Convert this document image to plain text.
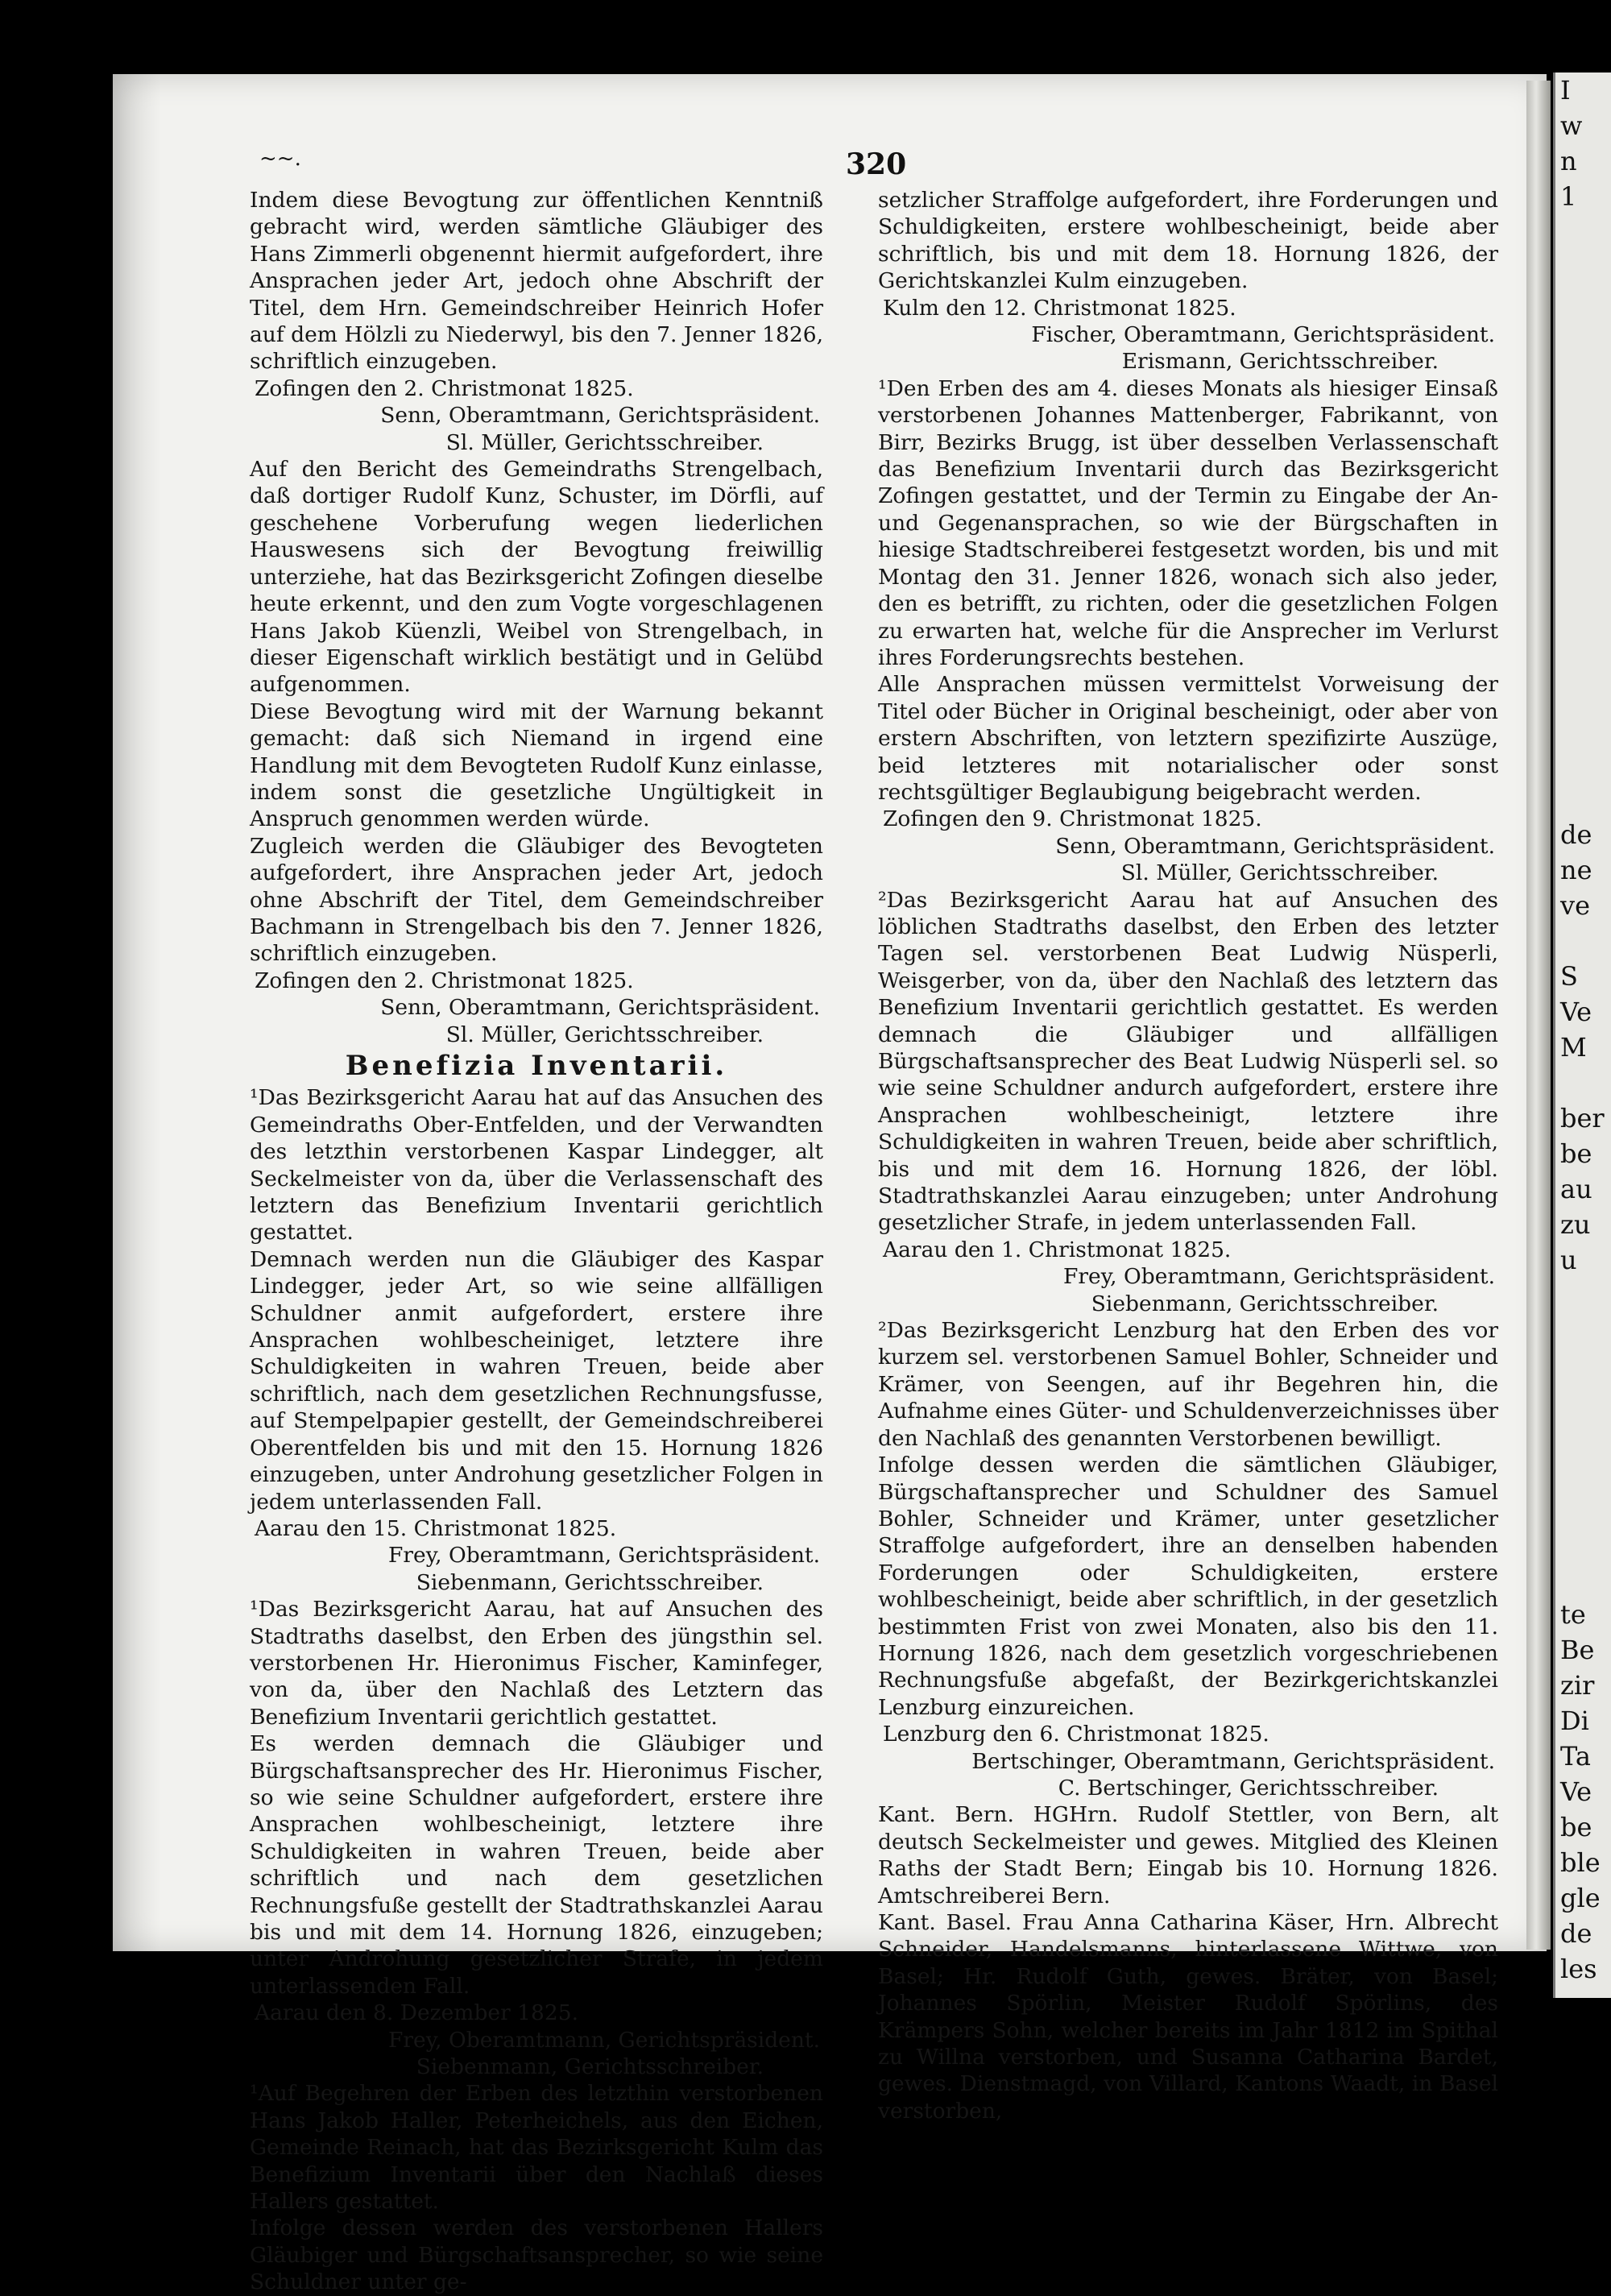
I
w
n
1

de
ne
ve

S
Ve
M

ber
be
au
zu
u

te
Be
zir
Di
Ta
Ve
be
ble
gle
de
les
~~.	320

Indem diese Bevogtung zur öffentlichen Kenntniß gebracht wird, werden sämtliche Gläubiger des Hans Zimmerli obgenennt hiermit aufgefordert, ihre Ansprachen jeder Art, jedoch ohne Abschrift der Titel, dem Hrn. Gemeindschreiber Heinrich Hofer auf dem Hölzli zu Niederwyl, bis den 7. Jenner 1826, schriftlich einzugeben.

Zofingen den 2. Christmonat 1825.

Senn, Oberamtmann, Gerichtspräsident.

Sl. Müller, Gerichtsschreiber.

Auf den Bericht des Gemeindraths Strengelbach, daß dortiger Rudolf Kunz, Schuster, im Dörfli, auf geschehene Vorberufung wegen liederlichen Hauswesens sich der Bevogtung freiwillig unterziehe, hat das Bezirksgericht Zofingen dieselbe heute erkennt, und den zum Vogte vorgeschlagenen Hans Jakob Küenzli, Weibel von Strengelbach, in dieser Eigenschaft wirklich bestätigt und in Gelübd aufgenommen.

Diese Bevogtung wird mit der Warnung bekannt gemacht: daß sich Niemand in irgend eine Handlung mit dem Bevogteten Rudolf Kunz einlasse, indem sonst die gesetzliche Ungültigkeit in Anspruch genommen werden würde.

Zugleich werden die Gläubiger des Bevogteten aufgefordert, ihre Ansprachen jeder Art, jedoch ohne Abschrift der Titel, dem Gemeindschreiber Bachmann in Strengelbach bis den 7. Jenner 1826, schriftlich einzugeben.

Zofingen den 2. Christmonat 1825.

Senn, Oberamtmann, Gerichtspräsident.

Sl. Müller, Gerichtsschreiber.

Benefizia Inventarii.

¹Das Bezirksgericht Aarau hat auf das Ansuchen des Gemeindraths Ober-Entfelden, und der Verwandten des letzthin verstorbenen Kaspar Lindegger, alt Seckelmeister von da, über die Verlassenschaft des letztern das Benefizium Inventarii gerichtlich gestattet.

Demnach werden nun die Gläubiger des Kaspar Lindegger, jeder Art, so wie seine allfälligen Schuldner anmit aufgefordert, erstere ihre Ansprachen wohlbescheiniget, letztere ihre Schuldigkeiten in wahren Treuen, beide aber schriftlich, nach dem gesetzlichen Rechnungsfusse, auf Stempelpapier gestellt, der Gemeindschreiberei Oberentfelden bis und mit den 15. Hornung 1826 einzugeben, unter Androhung gesetzlicher Folgen in jedem unterlassenden Fall.

Aarau den 15. Christmonat 1825.

Frey, Oberamtmann, Gerichtspräsident.

Siebenmann, Gerichtsschreiber.

¹Das Bezirksgericht Aarau, hat auf Ansuchen des Stadtraths daselbst, den Erben des jüngsthin sel. verstorbenen Hr. Hieronimus Fischer, Kaminfeger, von da, über den Nachlaß des Letztern das Benefizium Inventarii gerichtlich gestattet.

Es werden demnach die Gläubiger und Bürgschaftsansprecher des Hr. Hieronimus Fischer, so wie seine Schuldner aufgefordert, erstere ihre Ansprachen wohlbescheinigt, letztere ihre Schuldigkeiten in wahren Treuen, beide aber schriftlich und nach dem gesetzlichen Rechnungsfuße gestellt der Stadtrathskanzlei Aarau bis und mit dem 14. Hornung 1826, einzugeben; unter Androhung gesetzlicher Strafe, in jedem unterlassenden Fall.

Aarau den 8. Dezember 1825.

Frey, Oberamtmann, Gerichtspräsident.

Siebenmann, Gerichtsschreiber.

¹Auf Begehren der Erben des letzthin verstorbenen Hans Jakob Haller, Peterheichels, aus den Eichen, Gemeinde Reinach, hat das Bezirksgericht Kulm das Benefizium Inventarii über den Nachlaß dieses Hallers gestattet.

Infolge dessen werden des verstorbenen Hallers Gläubiger und Bürgschaftsansprecher, so wie seine Schuldner unter ge-

setzlicher Straffolge aufgefordert, ihre Forderungen und Schuldigkeiten, erstere wohlbescheinigt, beide aber schriftlich, bis und mit dem 18. Hornung 1826, der Gerichtskanzlei Kulm einzugeben.

Kulm den 12. Christmonat 1825.

Fischer, Oberamtmann, Gerichtspräsident.

Erismann, Gerichtsschreiber.

¹Den Erben des am 4. dieses Monats als hiesiger Einsaß verstorbenen Johannes Mattenberger, Fabrikannt, von Birr, Bezirks Brugg, ist über desselben Verlassenschaft das Benefizium Inventarii durch das Bezirksgericht Zofingen gestattet, und der Termin zu Eingabe der An- und Gegenansprachen, so wie der Bürgschaften in hiesige Stadtschreiberei festgesetzt worden, bis und mit Montag den 31. Jenner 1826, wonach sich also jeder, den es betrifft, zu richten, oder die gesetzlichen Folgen zu erwarten hat, welche für die Ansprecher im Verlurst ihres Forderungsrechts bestehen.

Alle Ansprachen müssen vermittelst Vorweisung der Titel oder Bücher in Original bescheinigt, oder aber von erstern Abschriften, von letztern spezifizirte Auszüge, beid letzteres mit notarialischer oder sonst rechtsgültiger Beglaubigung beigebracht werden.

Zofingen den 9. Christmonat 1825.

Senn, Oberamtmann, Gerichtspräsident.

Sl. Müller, Gerichtsschreiber.

²Das Bezirksgericht Aarau hat auf Ansuchen des löblichen Stadtraths daselbst, den Erben des letzter Tagen sel. verstorbenen Beat Ludwig Nüsperli, Weisgerber, von da, über den Nachlaß des letztern das Benefizium Inventarii gerichtlich gestattet. Es werden demnach die Gläubiger und allfälligen Bürgschaftsansprecher des Beat Ludwig Nüsperli sel. so wie seine Schuldner andurch aufgefordert, erstere ihre Ansprachen wohlbescheinigt, letztere ihre Schuldigkeiten in wahren Treuen, beide aber schriftlich, bis und mit dem 16. Hornung 1826, der löbl. Stadtrathskanzlei Aarau einzugeben; unter Androhung gesetzlicher Strafe, in jedem unterlassenden Fall.

Aarau den 1. Christmonat 1825.

Frey, Oberamtmann, Gerichtspräsident.

Siebenmann, Gerichtsschreiber.

²Das Bezirksgericht Lenzburg hat den Erben des vor kurzem sel. verstorbenen Samuel Bohler, Schneider und Krämer, von Seengen, auf ihr Begehren hin, die Aufnahme eines Güter- und Schuldenverzeichnisses über den Nachlaß des genannten Verstorbenen bewilligt.

Infolge dessen werden die sämtlichen Gläubiger, Bürgschaftansprecher und Schuldner des Samuel Bohler, Schneider und Krämer, unter gesetzlicher Straffolge aufgefordert, ihre an denselben habenden Forderungen oder Schuldigkeiten, erstere wohlbescheinigt, beide aber schriftlich, in der gesetzlich bestimmten Frist von zwei Monaten, also bis den 11. Hornung 1826, nach dem gesetzlich vorgeschriebenen Rechnungsfuße abgefaßt, der Bezirkgerichtskanzlei Lenzburg einzureichen.

Lenzburg den 6. Christmonat 1825.

Bertschinger, Oberamtmann, Gerichtspräsident.

C. Bertschinger, Gerichtsschreiber.

Kant. Bern. HGHrn. Rudolf Stettler, von Bern, alt deutsch Seckelmeister und gewes. Mitglied des Kleinen Raths der Stadt Bern; Eingab bis 10. Hornung 1826. Amtschreiberei Bern.

Kant. Basel. Frau Anna Catharina Käser, Hrn. Albrecht Schneider, Handelsmanns, hinterlassene Wittwe, von Basel; Hr. Rudolf Guth, gewes. Bräter, von Basel; Johannes Spörlin, Meister Rudolf Spörlins, des Krämpers Sohn, welcher bereits im Jahr 1812 im Spithal zu Willna verstorben, und Susanna Catharina Bardet, gewes. Dienstmagd, von Villard, Kantons Waadt, in Basel verstorben,
